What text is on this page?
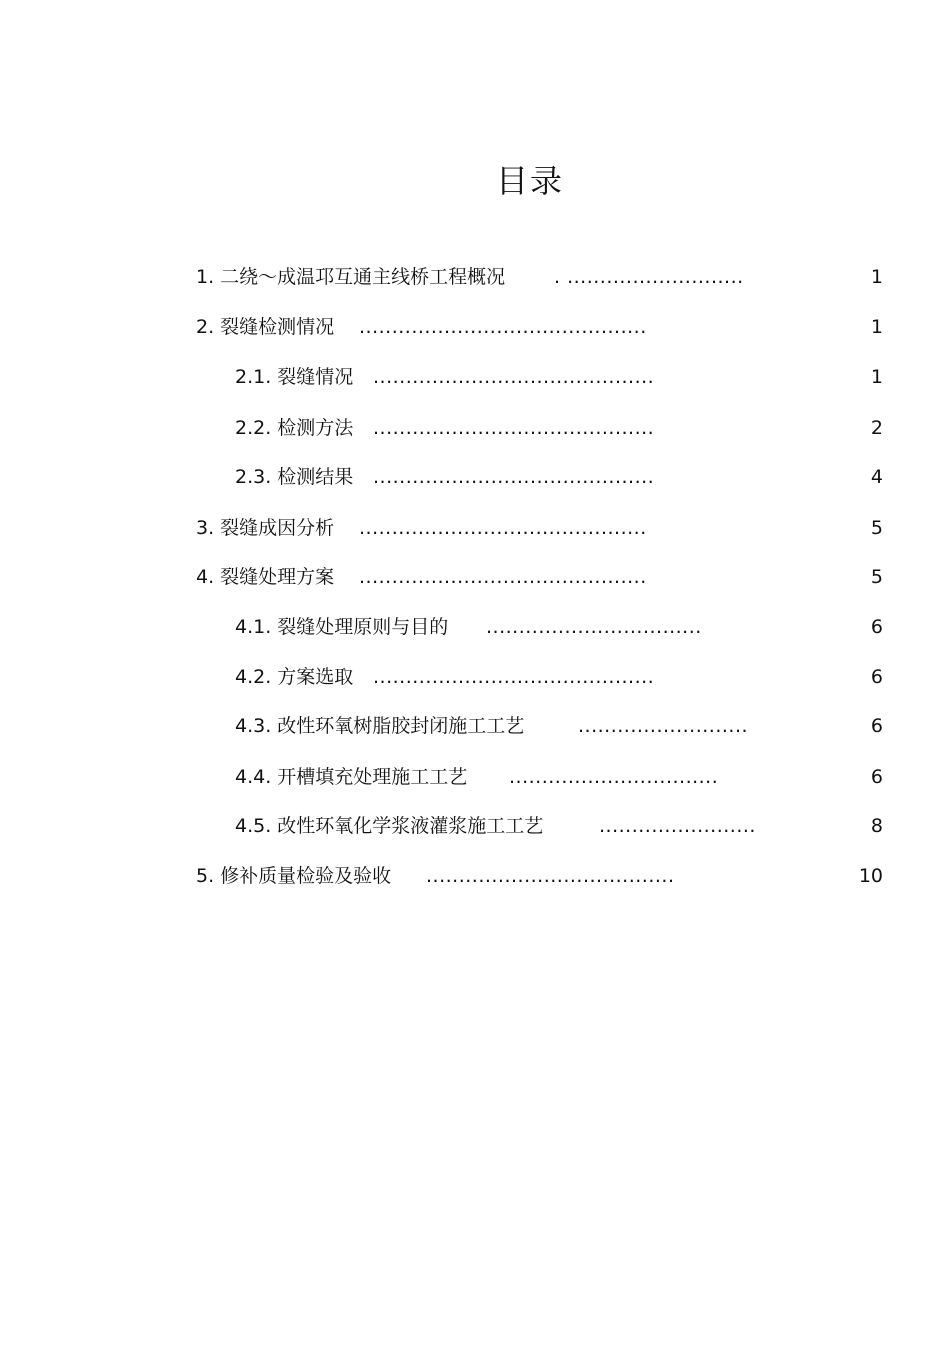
目录
1. 二绕～成温邛互通主线桥工程概况	. ...........................	1
2. 裂缝检测情况 ............................................	1
2.1. 裂缝情况 ...........................................	1
2.2. 检测方法 ...........................................	2
2.3. 检测结果 ...........................................	4
3. 裂缝成因分析 ............................................	5
4. 裂缝处理方案 ............................................	5
4.1. 裂缝处理原则与目的 .................................	6
4.2. 方案选取 ...........................................	6
4.3. 改性环氧树脂胶封闭施工工艺	..........................	6
4.4. 开槽填充处理施工工艺 ................................	6
4.5. 改性环氧化学浆液灌浆施工工艺	........................	8
5. 修补质量检验及验收 ......................................	10
